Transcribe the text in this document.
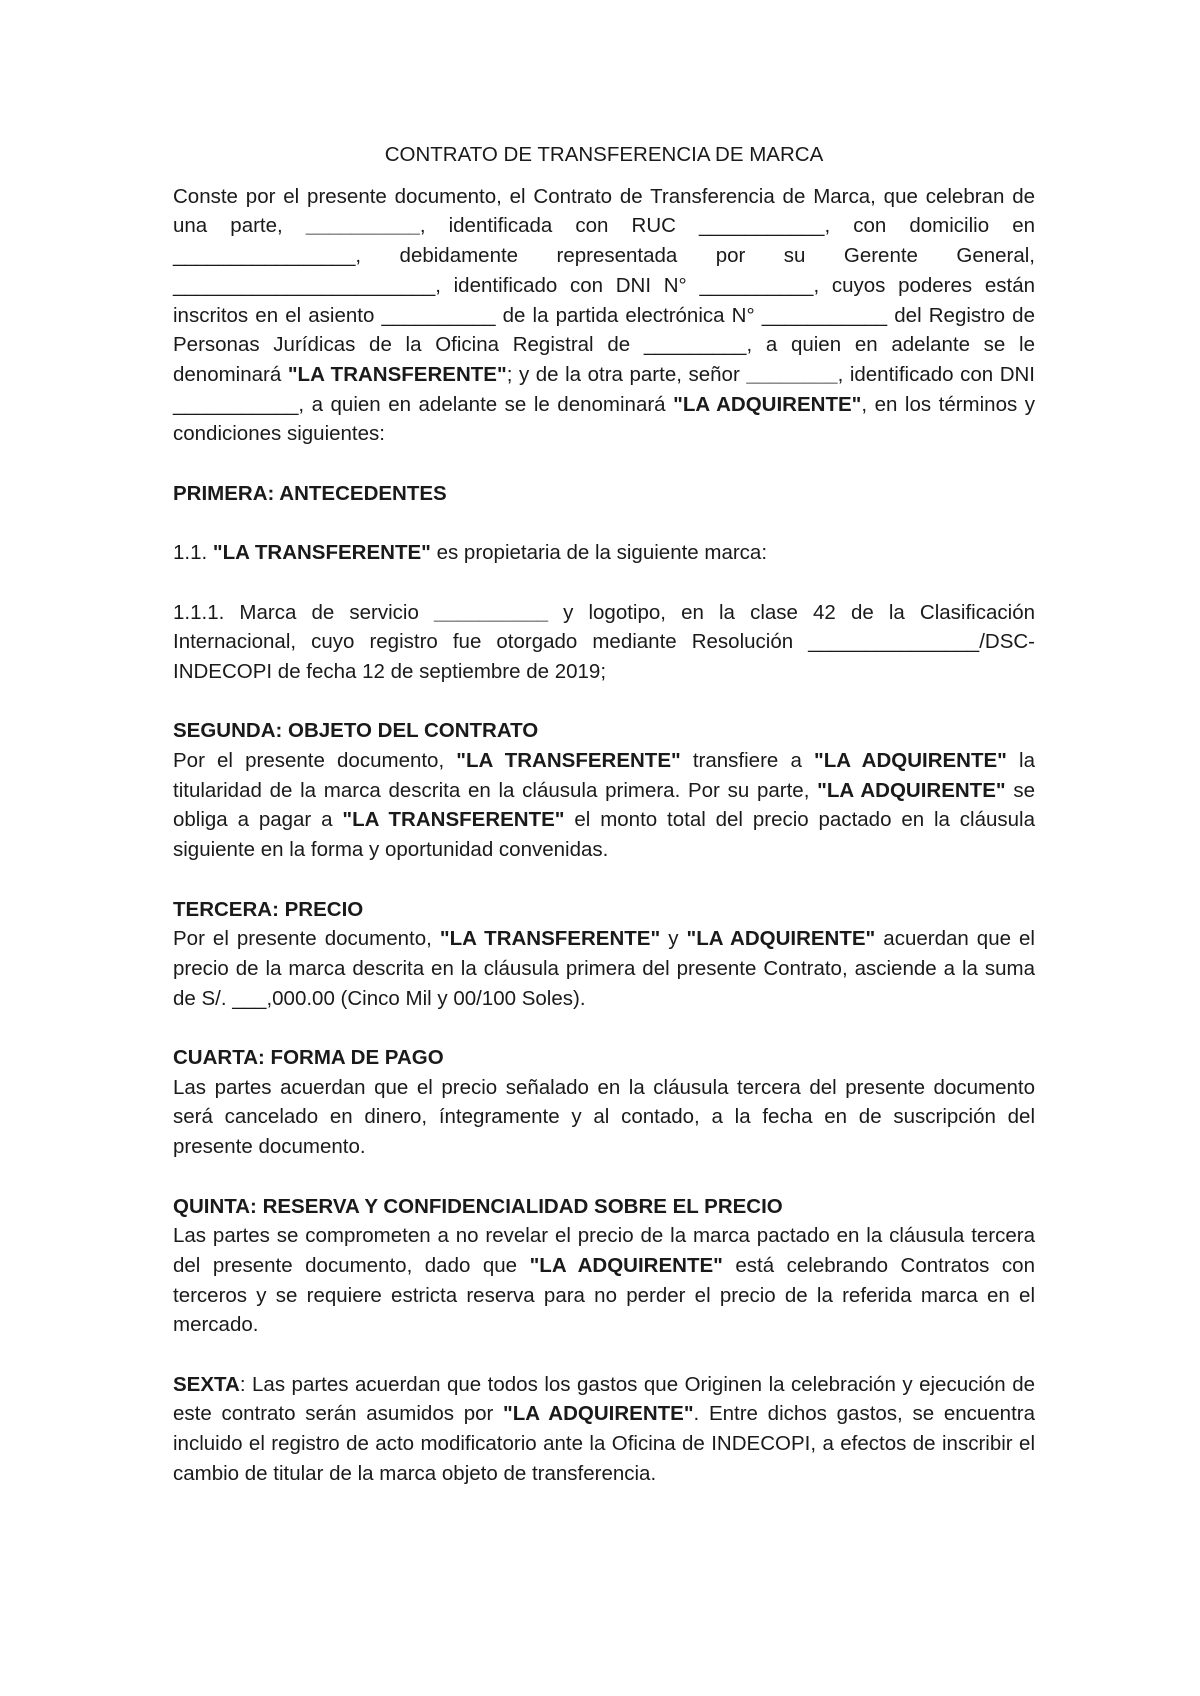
CONTRATO DE TRANSFERENCIA DE MARCA

Conste por el presente documento, el Contrato de Transferencia de Marca, que celebran de una parte, __________, identificada con RUC ___________, con domicilio en ________________, debidamente representada por su Gerente General, _______________________, identificado con DNI N° __________, cuyos poderes están inscritos en el asiento __________ de la partida electrónica N° ___________ del Registro de Personas Jurídicas de la Oficina Registral de _________, a quien en adelante se le denominará "LA TRANSFERENTE"; y de la otra parte, señor ________, identificado con DNI ___________, a quien en adelante se le denominará "LA ADQUIRENTE", en los términos y condiciones siguientes:

PRIMERA: ANTECEDENTES

1.1. "LA TRANSFERENTE" es propietaria de la siguiente marca:

1.1.1. Marca de servicio __________ y logotipo, en la clase 42 de la Clasificación Internacional, cuyo registro fue otorgado mediante Resolución _______________/DSC-INDECOPI de fecha 12 de septiembre de 2019;

SEGUNDA: OBJETO DEL CONTRATO

Por el presente documento, "LA TRANSFERENTE" transfiere a "LA ADQUIRENTE" la titularidad de la marca descrita en la cláusula primera. Por su parte, "LA ADQUIRENTE" se obliga a pagar a "LA TRANSFERENTE" el monto total del precio pactado en la cláusula siguiente en la forma y oportunidad convenidas.

TERCERA: PRECIO

Por el presente documento, "LA TRANSFERENTE" y "LA ADQUIRENTE" acuerdan que el precio de la marca descrita en la cláusula primera del presente Contrato, asciende a la suma de S/. ___,000.00 (Cinco Mil y 00/100 Soles).

CUARTA: FORMA DE PAGO

Las partes acuerdan que el precio señalado en la cláusula tercera del presente documento será cancelado en dinero, íntegramente y al contado, a la fecha en de suscripción del presente documento.

QUINTA: RESERVA Y CONFIDENCIALIDAD SOBRE EL PRECIO

Las partes se comprometen a no revelar el precio de la marca pactado en la cláusula tercera del presente documento, dado que "LA ADQUIRENTE" está celebrando Contratos con terceros y se requiere estricta reserva para no perder el precio de la referida marca en el mercado.

SEXTA: Las partes acuerdan que todos los gastos que Originen la celebración y ejecución de este contrato serán asumidos por "LA ADQUIRENTE". Entre dichos gastos, se encuentra incluido el registro de acto modificatorio ante la Oficina de INDECOPI, a efectos de inscribir el cambio de titular de la marca objeto de transferencia.
